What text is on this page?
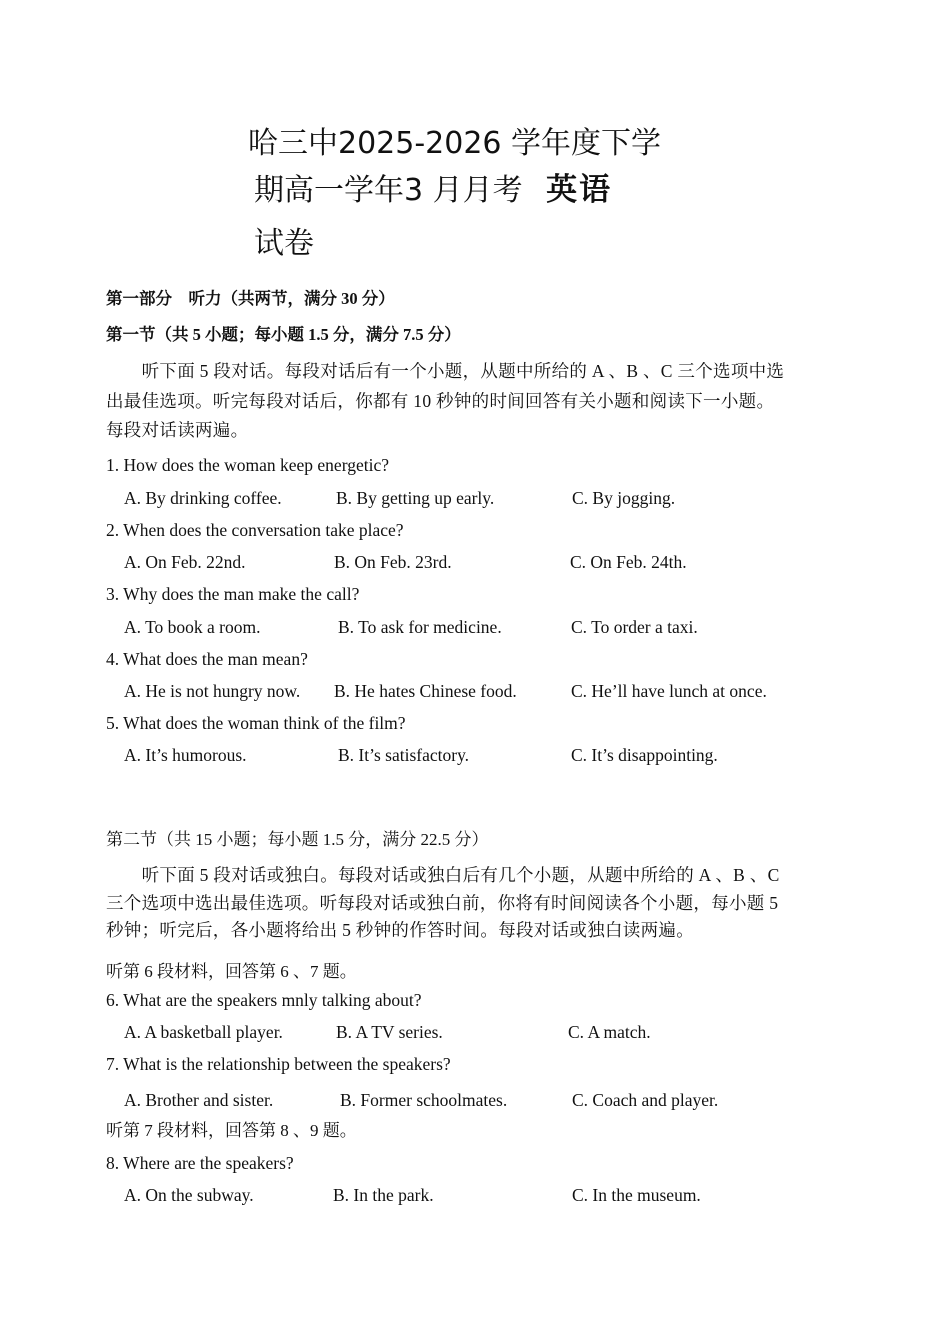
哈三中2025-2026 学年度下学
期高一学年3 月月考 英语
试卷
第一部分　听力（共两节，满分 30 分）
第一节（共 5 小题；每小题 1.5 分，满分 7.5 分）
　　听下面 5 段对话。每段对话后有一个小题，从题中所给的 A 、B 、C 三个选项中选
出最佳选项。听完每段对话后，你都有 10 秒钟的时间回答有关小题和阅读下一小题。
每段对话读两遍。
1. How does the woman keep energetic?
A. By drinking coffee.	B. By getting up early.	C. By jogging.
2. When does the conversation take place?
A. On Feb. 22nd.	B. On Feb. 23rd.	C. On Feb. 24th.
3. Why does the man make the call?
A. To book a room.	B. To ask for medicine.	C. To order a taxi.
4. What does the man mean?
A. He is not hungry now. B. He hates Chinese food.	C. He’ll have lunch at once.
5. What does the woman think of the film?
A. It’s humorous.	B. It’s satisfactory.	C. It’s disappointing.
第二节（共 15 小题；每小题 1.5 分，满分 22.5 分）
　　听下面 5 段对话或独白。每段对话或独白后有几个小题，从题中所给的 A 、B 、C
三个选项中选出最佳选项。听每段对话或独白前，你将有时间阅读各个小题，每小题 5
秒钟；听完后，各小题将给出 5 秒钟的作答时间。每段对话或独白读两遍。
听第 6 段材料，回答第 6 、7 题。
6. What are the speakers mnly talking about?
A. A basketball player.	B. A TV series.	C. A match.
7. What is the relationship between the speakers?
A. Brother and sister.	B. Former schoolmates.	C. Coach and player.
听第 7 段材料，回答第 8 、9 题。
8. Where are the speakers?
A. On the subway.	B. In the park.	C. In the museum.
